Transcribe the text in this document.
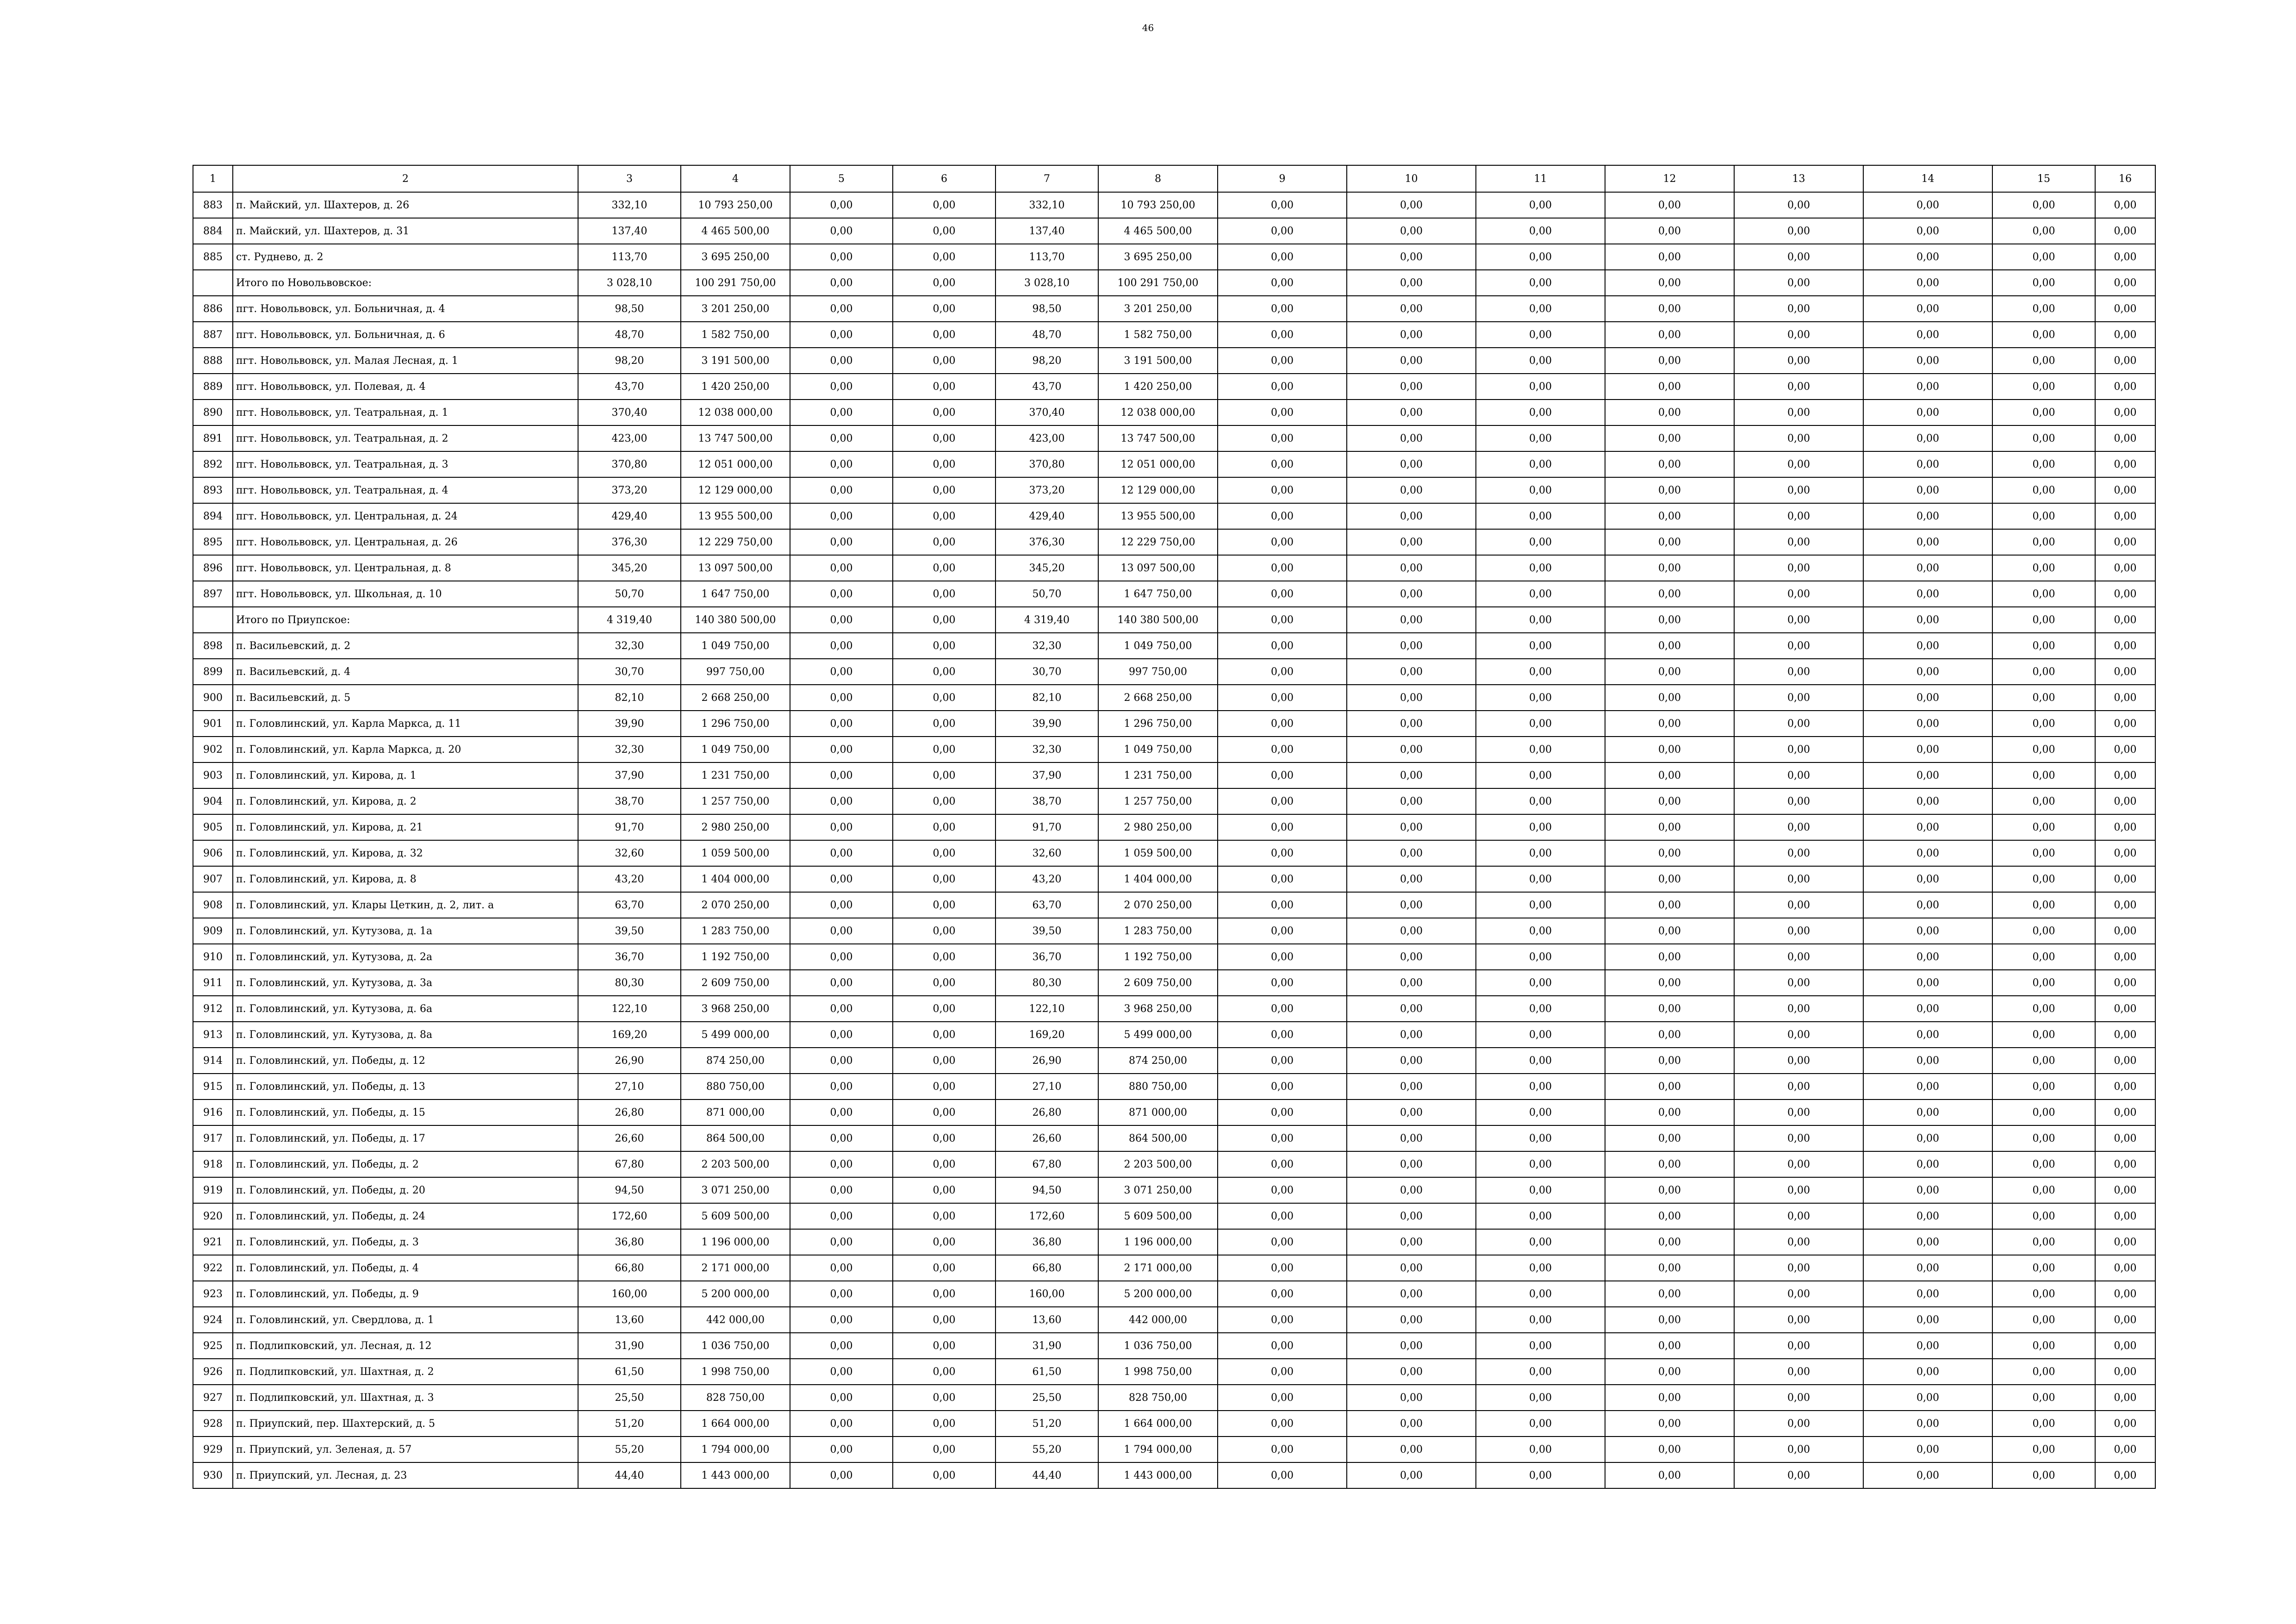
46
1	2	3	4	5	6	7	8	9	10	11	12	13	14	15	16
883	п. Майский, ул. Шахтеров, д. 26	332,10	10 793 250,00	0,00	0,00	332,10	10 793 250,00	0,00	0,00	0,00	0,00	0,00	0,00	0,00	0,00
884	п. Майский, ул. Шахтеров, д. 31	137,40	4 465 500,00	0,00	0,00	137,40	4 465 500,00	0,00	0,00	0,00	0,00	0,00	0,00	0,00	0,00
885	ст. Руднево, д. 2	113,70	3 695 250,00	0,00	0,00	113,70	3 695 250,00	0,00	0,00	0,00	0,00	0,00	0,00	0,00	0,00
	Итого по Новольвовское:	3 028,10	100 291 750,00	0,00	0,00	3 028,10	100 291 750,00	0,00	0,00	0,00	0,00	0,00	0,00	0,00	0,00
886	пгт. Новольвовск, ул. Больничная, д. 4	98,50	3 201 250,00	0,00	0,00	98,50	3 201 250,00	0,00	0,00	0,00	0,00	0,00	0,00	0,00	0,00
887	пгт. Новольвовск, ул. Больничная, д. 6	48,70	1 582 750,00	0,00	0,00	48,70	1 582 750,00	0,00	0,00	0,00	0,00	0,00	0,00	0,00	0,00
888	пгт. Новольвовск, ул. Малая Лесная, д. 1	98,20	3 191 500,00	0,00	0,00	98,20	3 191 500,00	0,00	0,00	0,00	0,00	0,00	0,00	0,00	0,00
889	пгт. Новольвовск, ул. Полевая, д. 4	43,70	1 420 250,00	0,00	0,00	43,70	1 420 250,00	0,00	0,00	0,00	0,00	0,00	0,00	0,00	0,00
890	пгт. Новольвовск, ул. Театральная, д. 1	370,40	12 038 000,00	0,00	0,00	370,40	12 038 000,00	0,00	0,00	0,00	0,00	0,00	0,00	0,00	0,00
891	пгт. Новольвовск, ул. Театральная, д. 2	423,00	13 747 500,00	0,00	0,00	423,00	13 747 500,00	0,00	0,00	0,00	0,00	0,00	0,00	0,00	0,00
892	пгт. Новольвовск, ул. Театральная, д. 3	370,80	12 051 000,00	0,00	0,00	370,80	12 051 000,00	0,00	0,00	0,00	0,00	0,00	0,00	0,00	0,00
893	пгт. Новольвовск, ул. Театральная, д. 4	373,20	12 129 000,00	0,00	0,00	373,20	12 129 000,00	0,00	0,00	0,00	0,00	0,00	0,00	0,00	0,00
894	пгт. Новольвовск, ул. Центральная, д. 24	429,40	13 955 500,00	0,00	0,00	429,40	13 955 500,00	0,00	0,00	0,00	0,00	0,00	0,00	0,00	0,00
895	пгт. Новольвовск, ул. Центральная, д. 26	376,30	12 229 750,00	0,00	0,00	376,30	12 229 750,00	0,00	0,00	0,00	0,00	0,00	0,00	0,00	0,00
896	пгт. Новольвовск, ул. Центральная, д. 8	345,20	13 097 500,00	0,00	0,00	345,20	13 097 500,00	0,00	0,00	0,00	0,00	0,00	0,00	0,00	0,00
897	пгт. Новольвовск, ул. Школьная, д. 10	50,70	1 647 750,00	0,00	0,00	50,70	1 647 750,00	0,00	0,00	0,00	0,00	0,00	0,00	0,00	0,00
	Итого по Приупское:	4 319,40	140 380 500,00	0,00	0,00	4 319,40	140 380 500,00	0,00	0,00	0,00	0,00	0,00	0,00	0,00	0,00
898	п. Васильевский, д. 2	32,30	1 049 750,00	0,00	0,00	32,30	1 049 750,00	0,00	0,00	0,00	0,00	0,00	0,00	0,00	0,00
899	п. Васильевский, д. 4	30,70	997 750,00	0,00	0,00	30,70	997 750,00	0,00	0,00	0,00	0,00	0,00	0,00	0,00	0,00
900	п. Васильевский, д. 5	82,10	2 668 250,00	0,00	0,00	82,10	2 668 250,00	0,00	0,00	0,00	0,00	0,00	0,00	0,00	0,00
901	п. Головлинский, ул. Карла Маркса, д. 11	39,90	1 296 750,00	0,00	0,00	39,90	1 296 750,00	0,00	0,00	0,00	0,00	0,00	0,00	0,00	0,00
902	п. Головлинский, ул. Карла Маркса, д. 20	32,30	1 049 750,00	0,00	0,00	32,30	1 049 750,00	0,00	0,00	0,00	0,00	0,00	0,00	0,00	0,00
903	п. Головлинский, ул. Кирова, д. 1	37,90	1 231 750,00	0,00	0,00	37,90	1 231 750,00	0,00	0,00	0,00	0,00	0,00	0,00	0,00	0,00
904	п. Головлинский, ул. Кирова, д. 2	38,70	1 257 750,00	0,00	0,00	38,70	1 257 750,00	0,00	0,00	0,00	0,00	0,00	0,00	0,00	0,00
905	п. Головлинский, ул. Кирова, д. 21	91,70	2 980 250,00	0,00	0,00	91,70	2 980 250,00	0,00	0,00	0,00	0,00	0,00	0,00	0,00	0,00
906	п. Головлинский, ул. Кирова, д. 32	32,60	1 059 500,00	0,00	0,00	32,60	1 059 500,00	0,00	0,00	0,00	0,00	0,00	0,00	0,00	0,00
907	п. Головлинский, ул. Кирова, д. 8	43,20	1 404 000,00	0,00	0,00	43,20	1 404 000,00	0,00	0,00	0,00	0,00	0,00	0,00	0,00	0,00
908	п. Головлинский, ул. Клары Цеткин, д. 2, лит. а	63,70	2 070 250,00	0,00	0,00	63,70	2 070 250,00	0,00	0,00	0,00	0,00	0,00	0,00	0,00	0,00
909	п. Головлинский, ул. Кутузова, д. 1а	39,50	1 283 750,00	0,00	0,00	39,50	1 283 750,00	0,00	0,00	0,00	0,00	0,00	0,00	0,00	0,00
910	п. Головлинский, ул. Кутузова, д. 2а	36,70	1 192 750,00	0,00	0,00	36,70	1 192 750,00	0,00	0,00	0,00	0,00	0,00	0,00	0,00	0,00
911	п. Головлинский, ул. Кутузова, д. 3а	80,30	2 609 750,00	0,00	0,00	80,30	2 609 750,00	0,00	0,00	0,00	0,00	0,00	0,00	0,00	0,00
912	п. Головлинский, ул. Кутузова, д. 6а	122,10	3 968 250,00	0,00	0,00	122,10	3 968 250,00	0,00	0,00	0,00	0,00	0,00	0,00	0,00	0,00
913	п. Головлинский, ул. Кутузова, д. 8а	169,20	5 499 000,00	0,00	0,00	169,20	5 499 000,00	0,00	0,00	0,00	0,00	0,00	0,00	0,00	0,00
914	п. Головлинский, ул. Победы, д. 12	26,90	874 250,00	0,00	0,00	26,90	874 250,00	0,00	0,00	0,00	0,00	0,00	0,00	0,00	0,00
915	п. Головлинский, ул. Победы, д. 13	27,10	880 750,00	0,00	0,00	27,10	880 750,00	0,00	0,00	0,00	0,00	0,00	0,00	0,00	0,00
916	п. Головлинский, ул. Победы, д. 15	26,80	871 000,00	0,00	0,00	26,80	871 000,00	0,00	0,00	0,00	0,00	0,00	0,00	0,00	0,00
917	п. Головлинский, ул. Победы, д. 17	26,60	864 500,00	0,00	0,00	26,60	864 500,00	0,00	0,00	0,00	0,00	0,00	0,00	0,00	0,00
918	п. Головлинский, ул. Победы, д. 2	67,80	2 203 500,00	0,00	0,00	67,80	2 203 500,00	0,00	0,00	0,00	0,00	0,00	0,00	0,00	0,00
919	п. Головлинский, ул. Победы, д. 20	94,50	3 071 250,00	0,00	0,00	94,50	3 071 250,00	0,00	0,00	0,00	0,00	0,00	0,00	0,00	0,00
920	п. Головлинский, ул. Победы, д. 24	172,60	5 609 500,00	0,00	0,00	172,60	5 609 500,00	0,00	0,00	0,00	0,00	0,00	0,00	0,00	0,00
921	п. Головлинский, ул. Победы, д. 3	36,80	1 196 000,00	0,00	0,00	36,80	1 196 000,00	0,00	0,00	0,00	0,00	0,00	0,00	0,00	0,00
922	п. Головлинский, ул. Победы, д. 4	66,80	2 171 000,00	0,00	0,00	66,80	2 171 000,00	0,00	0,00	0,00	0,00	0,00	0,00	0,00	0,00
923	п. Головлинский, ул. Победы, д. 9	160,00	5 200 000,00	0,00	0,00	160,00	5 200 000,00	0,00	0,00	0,00	0,00	0,00	0,00	0,00	0,00
924	п. Головлинский, ул. Свердлова, д. 1	13,60	442 000,00	0,00	0,00	13,60	442 000,00	0,00	0,00	0,00	0,00	0,00	0,00	0,00	0,00
925	п. Подлипковский, ул. Лесная, д. 12	31,90	1 036 750,00	0,00	0,00	31,90	1 036 750,00	0,00	0,00	0,00	0,00	0,00	0,00	0,00	0,00
926	п. Подлипковский, ул. Шахтная, д. 2	61,50	1 998 750,00	0,00	0,00	61,50	1 998 750,00	0,00	0,00	0,00	0,00	0,00	0,00	0,00	0,00
927	п. Подлипковский, ул. Шахтная, д. 3	25,50	828 750,00	0,00	0,00	25,50	828 750,00	0,00	0,00	0,00	0,00	0,00	0,00	0,00	0,00
928	п. Приупский, пер. Шахтерский, д. 5	51,20	1 664 000,00	0,00	0,00	51,20	1 664 000,00	0,00	0,00	0,00	0,00	0,00	0,00	0,00	0,00
929	п. Приупский, ул. Зеленая, д. 57	55,20	1 794 000,00	0,00	0,00	55,20	1 794 000,00	0,00	0,00	0,00	0,00	0,00	0,00	0,00	0,00
930	п. Приупский, ул. Лесная, д. 23	44,40	1 443 000,00	0,00	0,00	44,40	1 443 000,00	0,00	0,00	0,00	0,00	0,00	0,00	0,00	0,00
